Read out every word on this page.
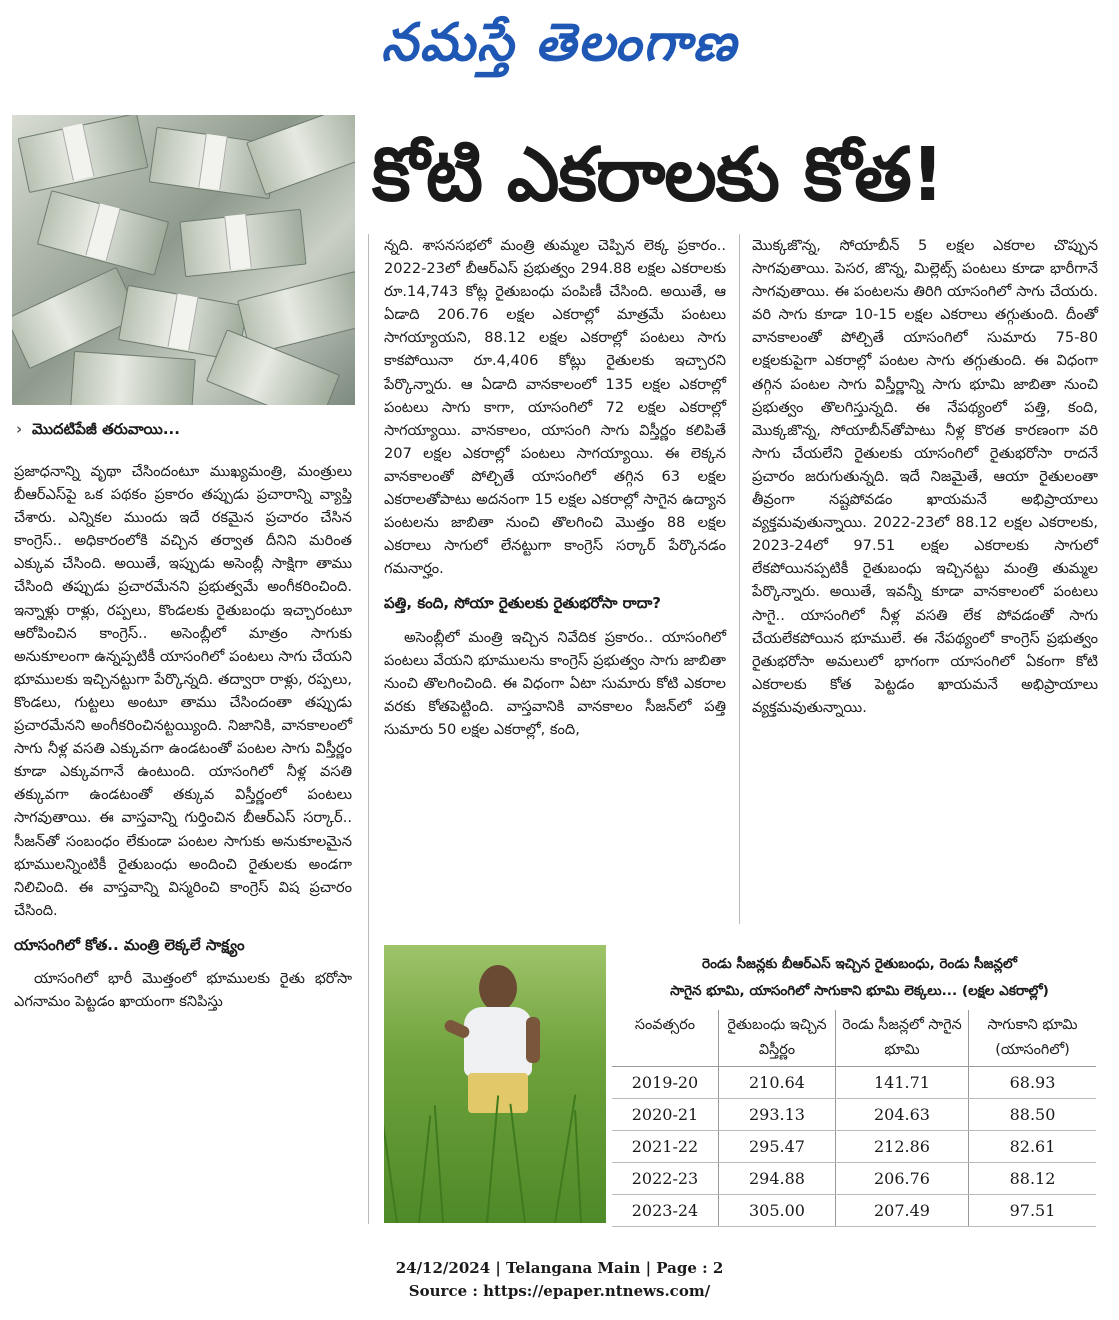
నమస్తే తెలంగాణ
కోటి ఎకరాలకు కోత!
› మొదటిపేజీ తరువాయి...

ప్రజాధనాన్ని వృథా చేసిందంటూ ముఖ్యమంత్రి, మంత్రులు బీఆర్ఎస్‌పై ఒక పథకం ప్రకారం తప్పుడు ప్రచారాన్ని వ్యాప్తి చేశారు. ఎన్నికల ముందు ఇదే రకమైన ప్రచారం చేసిన కాంగ్రెస్.. అధికారంలోకి వచ్చిన తర్వాత దీనిని మరింత ఎక్కువ చేసింది. అయితే, ఇప్పుడు అసెంబ్లీ సాక్షిగా తాము చేసింది తప్పుడు ప్రచారమేనని ప్రభుత్వమే అంగీకరించింది. ఇన్నాళ్లు రాళ్లు, రప్పలు, కొండలకు రైతుబంధు ఇచ్చారంటూ ఆరోపించిన కాంగ్రెస్.. అసెంబ్లీలో మాత్రం సాగుకు అనుకూలంగా ఉన్నప్పటికీ యాసంగిలో పంటలు సాగు చేయని భూములకు ఇచ్చినట్టుగా పేర్కొన్నది. తద్వారా రాళ్లు, రప్పలు, కొండలు, గుట్టలు అంటూ తాము చేసిందంతా తప్పుడు ప్రచారమేనని అంగీకరించినట్టయ్యింది. నిజానికి, వానకాలంలో సాగు నీళ్ల వసతి ఎక్కువగా ఉండటంతో పంటల సాగు విస్తీర్ణం కూడా ఎక్కువగానే ఉంటుంది. యాసంగిలో నీళ్ల వసతి తక్కువగా ఉండటంతో తక్కువ విస్తీర్ణంలో పంటలు సాగవుతాయి. ఈ వాస్తవాన్ని గుర్తించిన బీఆర్ఎస్ సర్కార్.. సీజన్‌తో సంబంధం లేకుండా పంటల సాగుకు అనుకూలమైన భూములన్నింటికీ రైతుబంధు అందించి రైతులకు అండగా నిలిచింది. ఈ వాస్తవాన్ని విస్మరించి కాంగ్రెస్ విష ప్రచారం చేసింది.

యాసంగిలో కోత.. మంత్రి లెక్కలే సాక్ష్యం

యాసంగిలో భారీ మొత్తంలో భూములకు రైతు భరోసా ఎగనామం పెట్టడం ఖాయంగా కనిపిస్తు

న్నది. శాసనసభలో మంత్రి తుమ్మల చెప్పిన లెక్క ప్రకారం.. 2022-23లో బీఆర్ఎస్ ప్రభుత్వం 294.88 లక్షల ఎకరాలకు రూ.14,743 కోట్ల రైతుబంధు పంపిణీ చేసింది. అయితే, ఆ ఏడాది 206.76 లక్షల ఎకరాల్లో మాత్రమే పంటలు సాగయ్యాయని, 88.12 లక్షల ఎకరాల్లో పంటలు సాగు కాకపోయినా రూ.4,406 కోట్లు రైతులకు ఇచ్చారని పేర్కొన్నారు. ఆ ఏడాది వానకాలంలో 135 లక్షల ఎకరాల్లో పంటలు సాగు కాగా, యాసంగిలో 72 లక్షల ఎకరాల్లో సాగయ్యాయి. వానకాలం, యాసంగి సాగు విస్తీర్ణం కలిపితే 207 లక్షల ఎకరాల్లో పంటలు సాగయ్యాయి. ఈ లెక్కన వానకాలంతో పోల్చితే యాసంగిలో తగ్గిన 63 లక్షల ఎకరాలతోపాటు అదనంగా 15 లక్షల ఎకరాల్లో సాగైన ఉద్యాన పంటలను జాబితా నుంచి తొలగించి మొత్తం 88 లక్షల ఎకరాలు సాగులో లేనట్టుగా కాంగ్రెస్ సర్కార్ పేర్కొనడం గమనార్హం.

పత్తి, కంది, సోయా రైతులకు రైతుభరోసా రాదా?

అసెంబ్లీలో మంత్రి ఇచ్చిన నివేదిక ప్రకారం.. యాసంగిలో పంటలు వేయని భూములను కాంగ్రెస్ ప్రభుత్వం సాగు జాబితా నుంచి తొలగించింది. ఈ విధంగా ఏటా సుమారు కోటి ఎకరాల వరకు కోతపెట్టింది. వాస్తవానికి వానకాలం సీజన్‌లో పత్తి సుమారు 50 లక్షల ఎకరాల్లో, కంది,

మొక్కజొన్న, సోయాబీన్ 5 లక్షల ఎకరాల చొప్పున సాగవుతాయి. పెసర, జొన్న, మిల్లెట్స్ పంటలు కూడా భారీగానే సాగవుతాయి. ఈ పంటలను తిరిగి యాసంగిలో సాగు చేయరు. వరి సాగు కూడా 10-15 లక్షల ఎకరాలు తగ్గుతుంది. దీంతో వానకాలంతో పోల్చితే యాసంగిలో సుమారు 75-80 లక్షలకుపైగా ఎకరాల్లో పంటల సాగు తగ్గుతుంది. ఈ విధంగా తగ్గిన పంటల సాగు విస్తీర్ణాన్ని సాగు భూమి జాబితా నుంచి ప్రభుత్వం తొలగిస్తున్నది. ఈ నేపథ్యంలో పత్తి, కంది, మొక్కజొన్న, సోయాబీన్‌తోపాటు నీళ్ల కొరత కారణంగా వరి సాగు చేయలేని రైతులకు యాసంగిలో రైతుభరోసా రాదనే ప్రచారం జరుగుతున్నది. ఇదే నిజమైతే, ఆయా రైతులంతా తీవ్రంగా నష్టపోవడం ఖాయమనే అభిప్రాయాలు వ్యక్తమవుతున్నాయి. 2022-23లో 88.12 లక్షల ఎకరాలకు, 2023-24లో 97.51 లక్షల ఎకరాలకు సాగులో లేకపోయినప్పటికీ రైతుబంధు ఇచ్చినట్టు మంత్రి తుమ్మల పేర్కొన్నారు. అయితే, ఇవన్నీ కూడా వానకాలంలో పంటలు సాగై.. యాసంగిలో నీళ్ల వసతి లేక పోవడంతో సాగు చేయలేకపోయిన భూములే. ఈ నేపథ్యంలో కాంగ్రెస్ ప్రభుత్వం రైతుభరోసా అమలులో భాగంగా యాసంగిలో ఏకంగా కోటి ఎకరాలకు కోత పెట్టడం ఖాయమనే అభిప్రాయాలు వ్యక్తమవుతున్నాయి.

రెండు సీజన్లకు బీఆర్ఎస్ ఇచ్చిన రైతుబంధు, రెండు సీజన్లలో
సాగైన భూమి, యాసంగిలో సాగుకాని భూమి లెక్కలు... (లక్షల ఎకరాల్లో)
సంవత్సరం	రైతుబంధు ఇచ్చిన విస్తీర్ణం	రెండు సీజన్లలో సాగైన భూమి	సాగుకాని భూమి (యాసంగిలో)
2019-20	210.64	141.71	68.93
2020-21	293.13	204.63	88.50
2021-22	295.47	212.86	82.61
2022-23	294.88	206.76	88.12
2023-24	305.00	207.49	97.51
24/12/2024 | Telangana Main | Page : 2
Source : https://epaper.ntnews.com/
